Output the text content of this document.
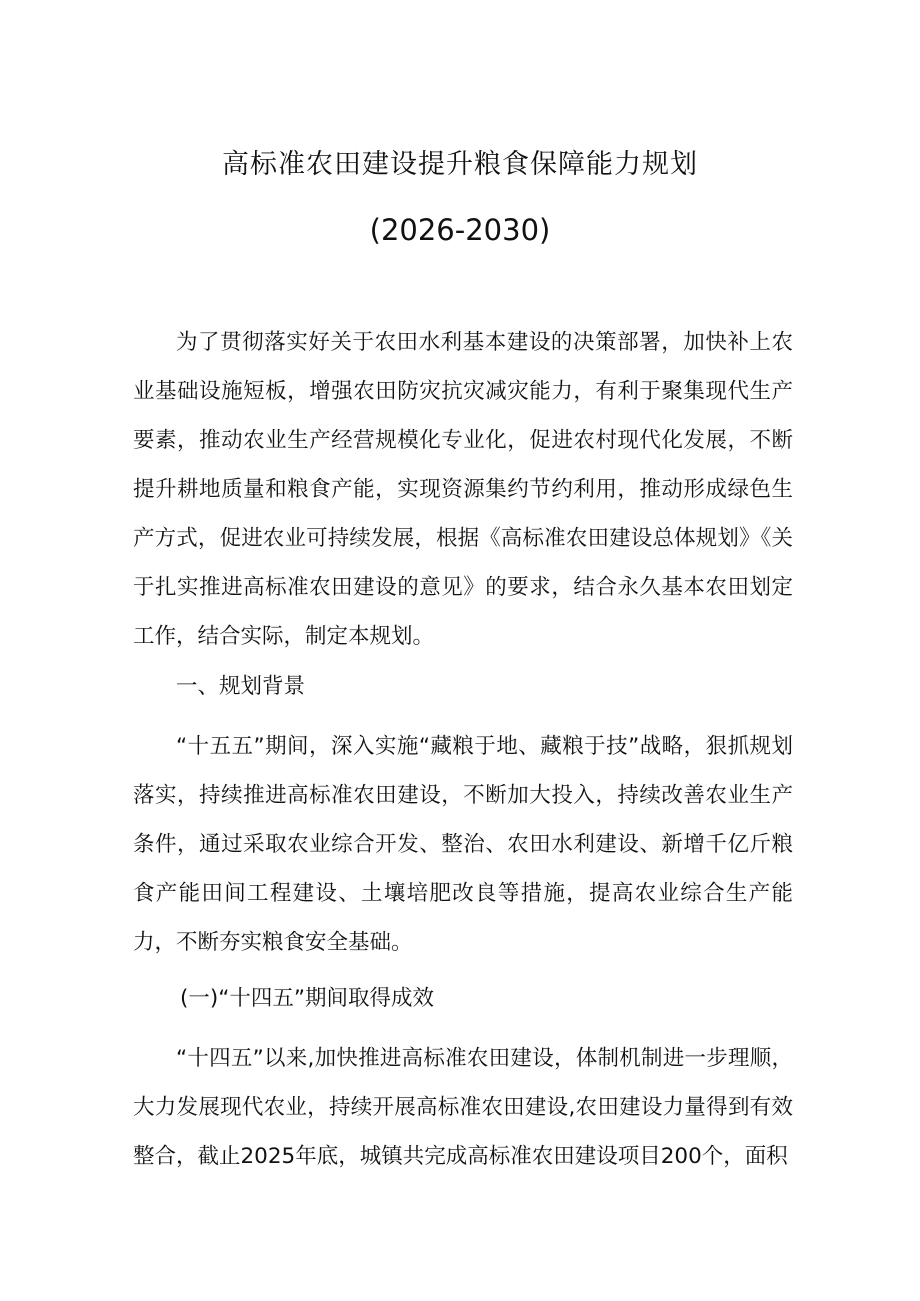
高标准农田建设提升粮食保障能力规划
(2026-2030)

为了贯彻落实好关于农田水利基本建设的决策部署，加快补上农业基础设施短板，增强农田防灾抗灾减灾能力，有利于聚集现代生产要素，推动农业生产经营规模化专业化，促进农村现代化发展，不断提升耕地质量和粮食产能，实现资源集约节约利用，推动形成绿色生产方式，促进农业可持续发展，根据《高标准农田建设总体规划》《关于扎实推进高标准农田建设的意见》的要求，结合永久基本农田划定工作，结合实际，制定本规划。

一、规划背景

“十五五”期间，深入实施“藏粮于地、藏粮于技”战略，狠抓规划落实，持续推进高标准农田建设，不断加大投入，持续改善农业生产条件，通过采取农业综合开发、整治、农田水利建设、新增千亿斤粮食产能田间工程建设、土壤培肥改良等措施，提高农业综合生产能力，不断夯实粮食安全基础。

(一)“十四五”期间取得成效

“十四五”以来,加快推进高标准农田建设，体制机制进一步理顺，大力发展现代农业，持续开展高标准农田建设,农田建设力量得到有效整合，截止2025年底，城镇共完成高标准农田建设项目200个，面积
